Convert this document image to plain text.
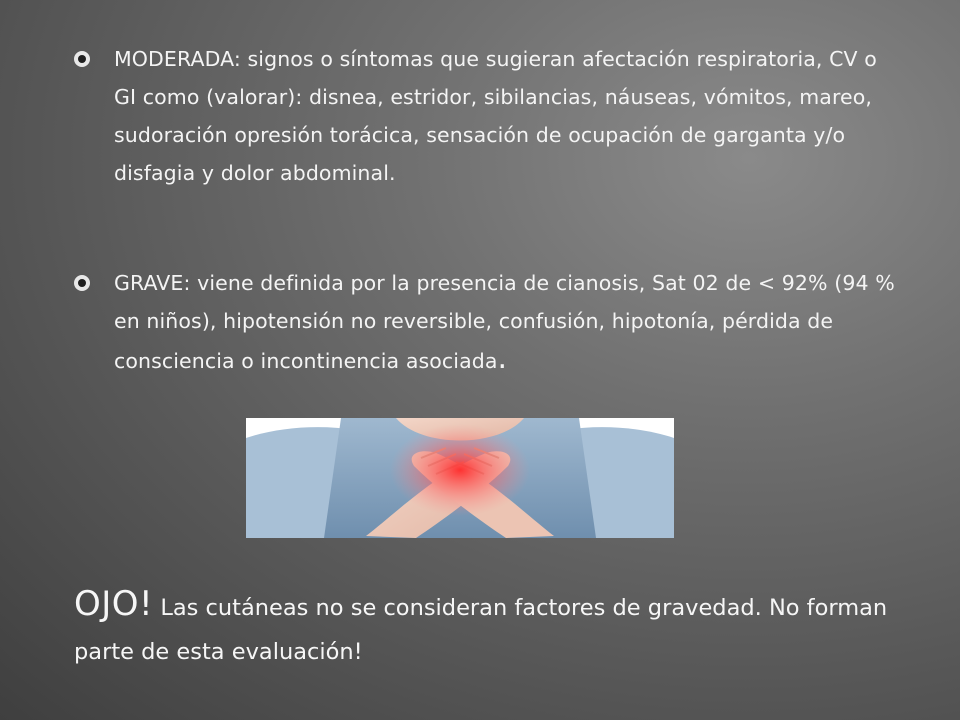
MODERADA: signos o síntomas que sugieran afectación respiratoria, CV o GI como (valorar): disnea, estridor, sibilancias, náuseas, vómitos, mareo, sudoración opresión torácica, sensación de ocupación de garganta y/o disfagia y dolor abdominal.
GRAVE: viene definida por la presencia de cianosis, Sat 02 de < 92% (94 % en niños), hipotensión no reversible, confusión, hipotonía, pérdida de consciencia o incontinencia asociada.
OJO! Las cutáneas no se consideran factores de gravedad. No forman parte de esta evaluación!
